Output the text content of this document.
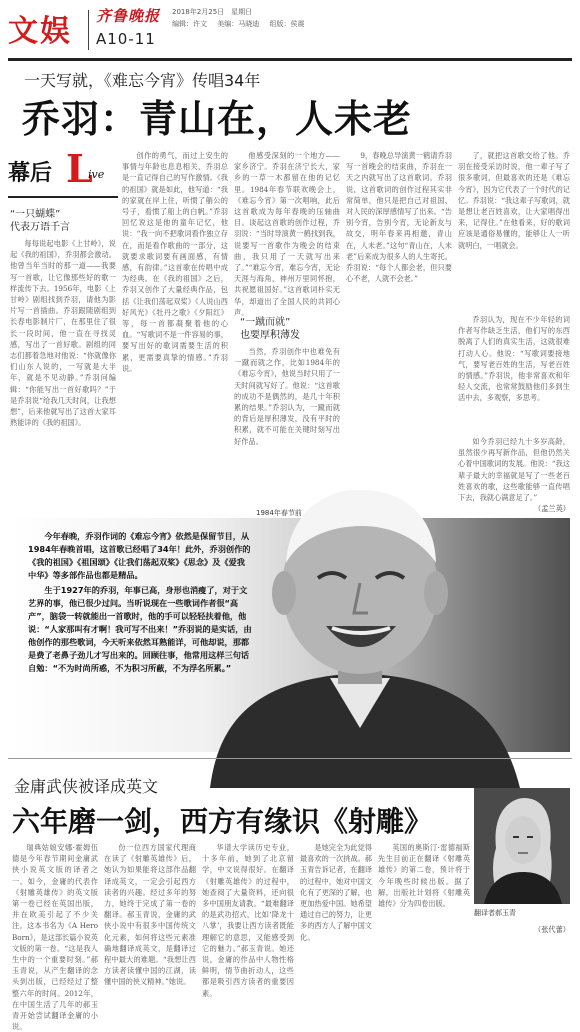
文娱 齐鲁晚报 2018年2月25日　星期日
编辑：许文 美编：马晓迪 组版：侯震
A10-11
一天写就，《难忘今宵》传唱34年
乔羽：青山在，人未老
幕后 L
ive
“一只蝴蝶”
代表万语千言

每每说起电影《上甘岭》，说起《我的祖国》，乔羽都会激动。他曾当年当时的那一道——我要写一首歌，让它像那些好的歌一样流传下去。1956年，电影《上甘岭》剧组找到乔羽，请他为影片写一首插曲。乔羽跟随剧组到长春电影制片厂，在那里住了很长一段时间，他一直在寻找灵感，写出了一首好歌。剧组的同志们都着急地对他说：“你就像你们山东人说的，一写就是大半年，就是不见动静。”乔羽问编辑：“你能写出一首好歌吗？”于是乔羽说“给我几天时间，让我想想”，后来他就写出了这首大家耳熟能详的《我的祖国》。

创作的勇气，而过上安生的事情与年龄也息息相关，乔羽总是一直记得自己的写作激情。《我的祖国》就是如此，他写道：“我的家就在岸上住，听惯了艄公的号子，看惯了船上的白帆。”乔羽回忆说这是他的童年记忆，他说：“我一向不把歌词看作独立存在，而是看作歌曲的一部分，这就要求歌词要有画面感，有情感，有韵律。”这首歌在传唱中成为经典。在《我的祖国》之后，乔羽又创作了大量经典作品，包括《让我们荡起双桨》《人说山西好风光》《牡丹之歌》《夕阳红》等，每一首都凝聚着他的心血。“写歌词不是一件容易的事，要写出好的歌词需要生活的积累，更需要真挚的情感。”乔羽说。

他感受深刻的一个地方——家乡济宁。乔羽在济宁长大，家乡的一草一木都留在他的记忆里。1984年春节联欢晚会上，《难忘今宵》第一次唱响，此后这首歌成为每年春晚的压轴曲目。谈起这首歌的创作过程，乔羽说：“当时导演黄一鹤找到我，说要写一首歌作为晚会的结束曲，我只用了一天就写出来了。”“难忘今宵，难忘今宵，无论天涯与海角，神州万里同怀抱，共祝愿祖国好。”这首歌词朴实无华，却道出了全国人民的共同心声。

“一蹴而就”
也要厚积薄发

当然，乔羽创作中也难免有一蹴而就之作，比如1984年的《难忘今宵》，他说当时只用了一天时间就写好了。他说：“这首歌的成功不是偶然的，是几十年积累的结果。”乔羽认为，一蹴而就的背后是厚积薄发，没有平时的积累，就不可能在关键时刻写出好作品。

9，春晚总导演黄一鹤请乔羽写一首晚会的结束曲，乔羽在一天之内就写出了这首歌词。乔羽说，这首歌词的创作过程其实非常简单，他只是把自己对祖国、对人民的深厚感情写了出来。“告别今宵，告别今宵，无论新友与故交，明年春来再相邀，青山在，人未老。”这句“青山在，人未老”后来成为很多人的人生寄托。乔羽说：“每个人都会老，但只要心不老，人就不会老。”

了，就把这首歌交给了他。乔羽在接受采访时说，他一辈子写了很多歌词，但最喜欢的还是《难忘今宵》，因为它代表了一个时代的记忆。乔羽说：“我这辈子写歌词，就是想让老百姓喜欢，让大家唱得出来，记得住。”在他看来，好的歌词应该是通俗易懂的，能够让人一听就明白，一唱就会。

乔羽认为，现在不少年轻的词作者写作缺乏生活，他们写的东西脱离了人们的真实生活，这就很难打动人心。他说：“写歌词要接地气，要写老百姓的生活，写老百姓的情感。”乔羽说，他非常喜欢和年轻人交流，也常常鼓励他们多到生活中去，多观察，多思考。

如今乔羽已经九十多岁高龄，虽然很少再写新作品，但他仍然关心着中国歌词的发展。他说：“我这辈子最大的幸福就是写了一些老百姓喜欢的歌，这些歌能够一直传唱下去，我就心满意足了。”

（孟兰英）

1984年春节前

今年春晚，乔羽作词的《难忘今宵》依然是保留节目，从1984年春晚首唱，这首歌已经唱了34年！此外，乔羽创作的《我的祖国》《祖国颂》《让我们荡起双桨》《思念》及《爱我中华》等多部作品也都是精品。

生于1927年的乔羽，年事已高，身形也消瘦了，对于文艺界的事，他已很少过问。当听说现在一些歌词作者很“高产”，脑袋一转就能出一首歌时，他的手可以轻轻扶着他，他说：“人家那叫有才啊！我可写不出来！”乔羽说的是实话，由他创作的那些歌词，今天听来依然耳熟能详，可他却说，那都是费了老鼻子劲儿才写出来的。回顾往事，他常用这样三句话自勉：“不为时尚所惑，不为积习所蔽，不为浮名所累。”

金庸武侠被译成英文
六年磨一剑，西方有缘识《射雕》
翻译者郝玉青

瑞典姑娘安娜·霍姆伍德是今年春节期间金庸武侠小说英文版的译者之一。如今，金庸的代表作《射雕英雄传》的英文版第一卷已经在英国出版，并在欧美引起了不少关注。这本书名为《A Hero Born》，是这部长篇小说英文版的第一卷。“这是我人生中的一个重要时刻。”郝玉青说，从产生翻译的念头到出版，已经经过了整整六年的时间。2012年，在中国生活了几年的郝玉青开始尝试翻译金庸的小说。

份一位西方国家代理商在读了《射雕英雄传》后，她认为如果能将这部作品翻译成英文，一定会引起西方读者的兴趣。经过多年的努力，她终于完成了第一卷的翻译。郝玉青说，金庸的武侠小说中有很多中国传统文化元素，如何将这些元素准确地翻译成英文，是翻译过程中最大的难题。“我想让西方读者读懂中国的江湖，读懂中国的侠义精神。”她说。

华谱大学读历史专业，十多年前，她到了北京留学，中文说得很好。在翻译《射雕英雄传》的过程中，她查阅了大量资料，还向很多中国朋友请教。“最难翻译的是武功招式，比如‘降龙十八掌’，我要让西方读者既能理解它的意思，又能感受到它的魅力。”郝玉青说。她还说，金庸的作品中人物性格鲜明，情节曲折动人，这些都是吸引西方读者的重要因素。

是她完全为此觉得最喜欢的一次挑战。郝玉青告诉记者，在翻译的过程中，她对中国文化有了更深的了解，也更加热爱中国。她希望通过自己的努力，让更多的西方人了解中国文化。

英国的奥斯汀·雷德福斯先生目前正在翻译《射雕英雄传》的第二卷，预计将于今年晚些时候出版。据了解，出版社计划将《射雕英雄传》分为四卷出版。

（张代蕾）
